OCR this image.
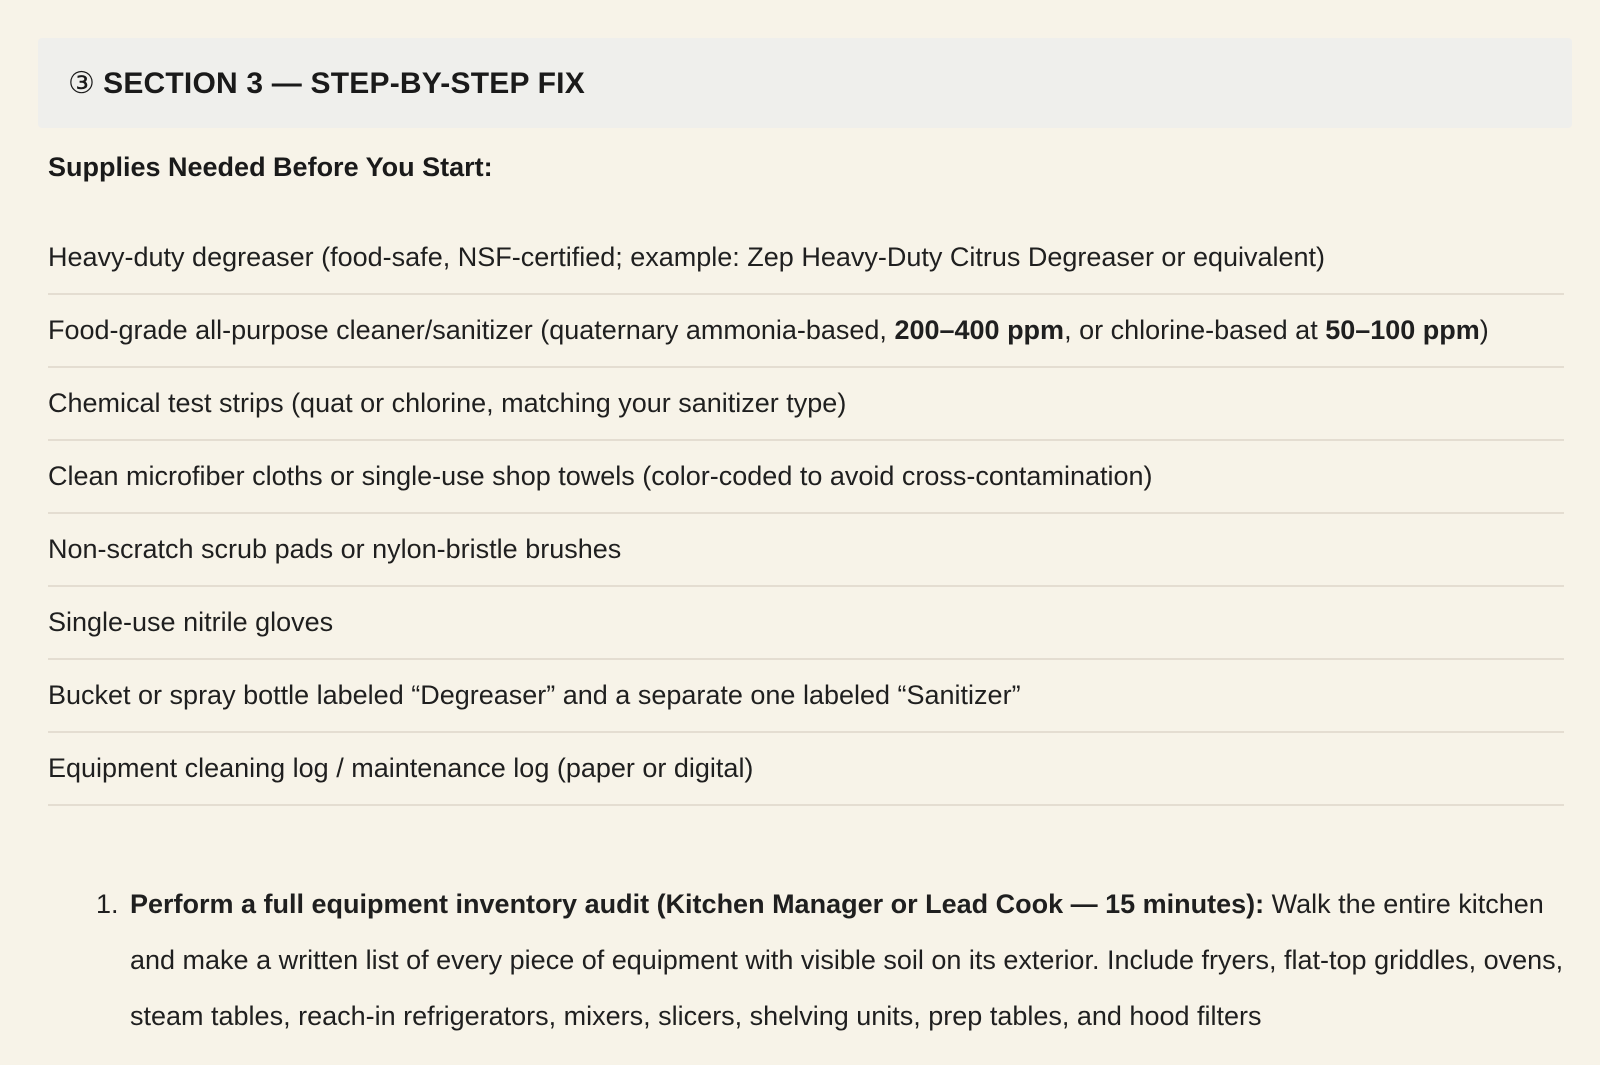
③ SECTION 3 — STEP-BY-STEP FIX
Supplies Needed Before You Start:
Heavy-duty degreaser (food-safe, NSF-certified; example: Zep Heavy-Duty Citrus Degreaser or equivalent)
Food-grade all-purpose cleaner/sanitizer (quaternary ammonia-based, 200–400 ppm, or chlorine-based at 50–100 ppm)
Chemical test strips (quat or chlorine, matching your sanitizer type)
Clean microfiber cloths or single-use shop towels (color-coded to avoid cross-contamination)
Non-scratch scrub pads or nylon-bristle brushes
Single-use nitrile gloves
Bucket or spray bottle labeled “Degreaser” and a separate one labeled “Sanitizer”
Equipment cleaning log / maintenance log (paper or digital)
1. Perform a full equipment inventory audit (Kitchen Manager or Lead Cook — 15 minutes): Walk the entire kitchen and make a written list of every piece of equipment with visible soil on its exterior. Include fryers, flat-top griddles, ovens, steam tables, reach-in refrigerators, mixers, slicers, shelving units, prep tables, and hood filters
